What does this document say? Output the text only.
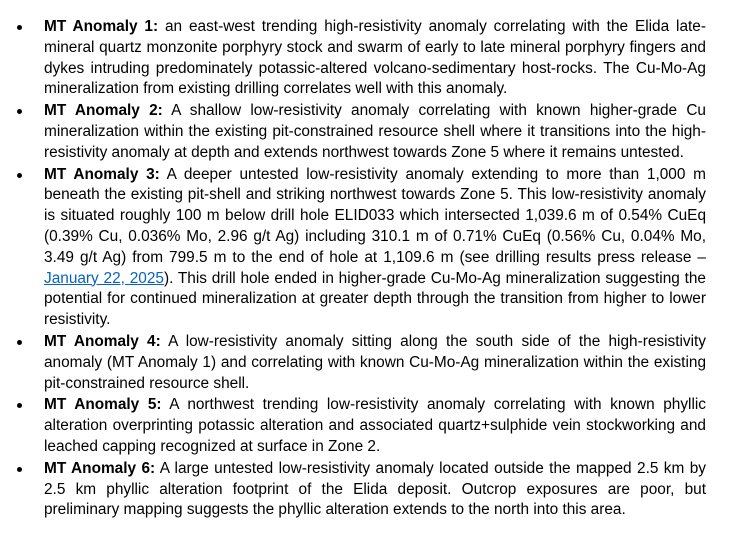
MT Anomaly 1: an east-west trending high-resistivity anomaly correlating with the Elida late-mineral quartz monzonite porphyry stock and swarm of early to late mineral porphyry fingers and dykes intruding predominately potassic-altered volcano-sedimentary host-rocks. The Cu-Mo-Ag mineralization from existing drilling correlates well with this anomaly.
MT Anomaly 2: A shallow low-resistivity anomaly correlating with known higher-grade Cu mineralization within the existing pit-constrained resource shell where it transitions into the high-resistivity anomaly at depth and extends northwest towards Zone 5 where it remains untested.
MT Anomaly 3: A deeper untested low-resistivity anomaly extending to more than 1,000 m beneath the existing pit-shell and striking northwest towards Zone 5. This low-resistivity anomaly is situated roughly 100 m below drill hole ELID033 which intersected 1,039.6 m of 0.54% CuEq (0.39% Cu, 0.036% Mo, 2.96 g/t Ag) including 310.1 m of 0.71% CuEq (0.56% Cu, 0.04% Mo, 3.49 g/t Ag) from 799.5 m to the end of hole at 1,109.6 m (see drilling results press release – January 22, 2025). This drill hole ended in higher-grade Cu-Mo-Ag mineralization suggesting the potential for continued mineralization at greater depth through the transition from higher to lower resistivity.
MT Anomaly 4: A low-resistivity anomaly sitting along the south side of the high-resistivity anomaly (MT Anomaly 1) and correlating with known Cu-Mo-Ag mineralization within the existing pit-constrained resource shell.
MT Anomaly 5: A northwest trending low-resistivity anomaly correlating with known phyllic alteration overprinting potassic alteration and associated quartz+sulphide vein stockworking and leached capping recognized at surface in Zone 2.
MT Anomaly 6: A large untested low-resistivity anomaly located outside the mapped 2.5 km by 2.5 km phyllic alteration footprint of the Elida deposit. Outcrop exposures are poor, but preliminary mapping suggests the phyllic alteration extends to the north into this area.
